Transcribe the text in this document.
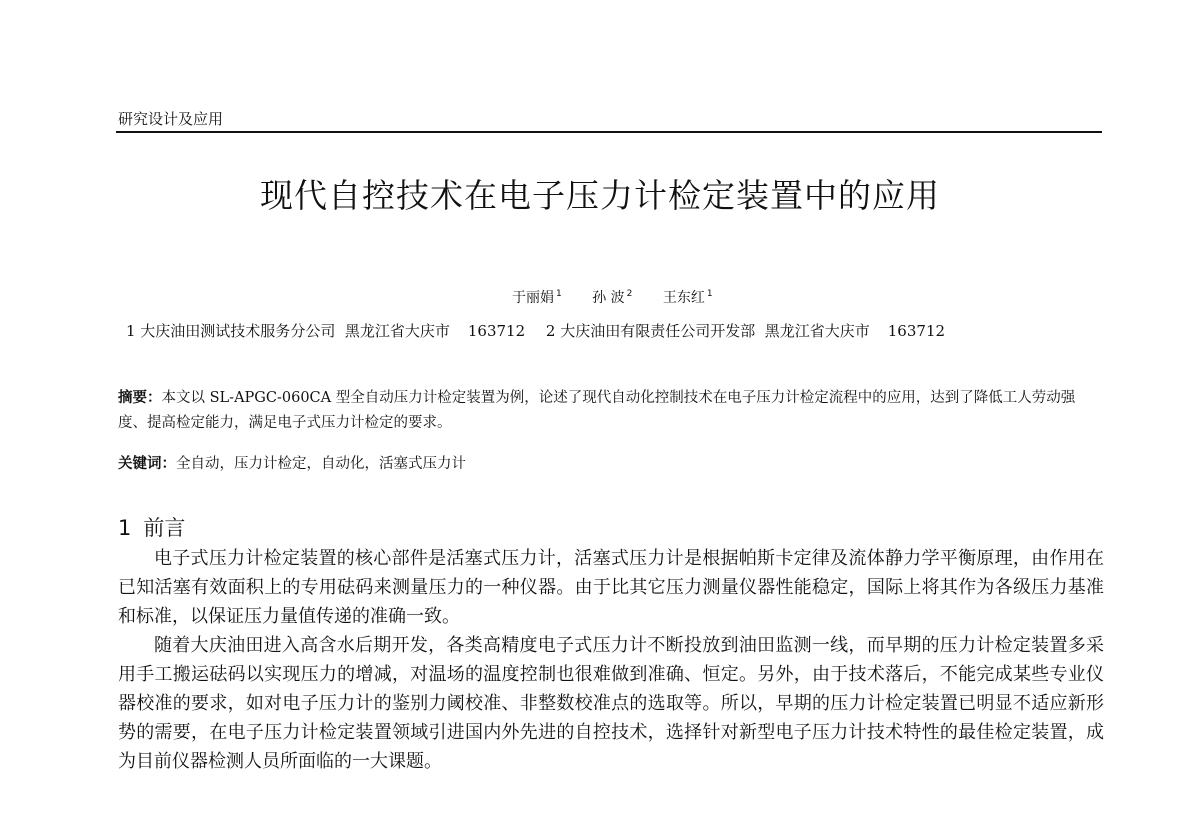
研究设计及应用
现代自控技术在电子压力计检定装置中的应用
于丽娟 $^1$ 孙 波 $^2$ 王东红 $^1$
1 大庆油田测试技术服务分公司  黑龙江省大庆市 163712 2 大庆油田有限责任公司开发部  黑龙江省大庆市 163712
摘要：本文以 SL-APGC-060CA 型全自动压力计检定装置为例，论述了现代自动化控制技术在电子压力计检定流程中的应用，达到了降低工人劳动强度、提高检定能力，满足电子式压力计检定的要求。
关键词：全自动，压力计检定，自动化，活塞式压力计
1 前言

电子式压力计检定装置的核心部件是活塞式压力计，活塞式压力计是根据帕斯卡定律及流体静力学平衡原理，由作用在已知活塞有效面积上的专用砝码来测量压力的一种仪器。由于比其它压力测量仪器性能稳定，国际上将其作为各级压力基准和标准，以保证压力量值传递的准确一致。

随着大庆油田进入高含水后期开发，各类高精度电子式压力计不断投放到油田监测一线，而早期的压力计检定装置多采用手工搬运砝码以实现压力的增减，对温场的温度控制也很难做到准确、恒定。另外，由于技术落后，不能完成某些专业仪器校准的要求，如对电子压力计的鉴别力阈校准、非整数校准点的选取等。所以，早期的压力计检定装置已明显不适应新形势的需要，在电子压力计检定装置领域引进国内外先进的自控技术，选择针对新型电子压力计技术特性的最佳检定装置，成为目前仪器检测人员所面临的一大课题。
